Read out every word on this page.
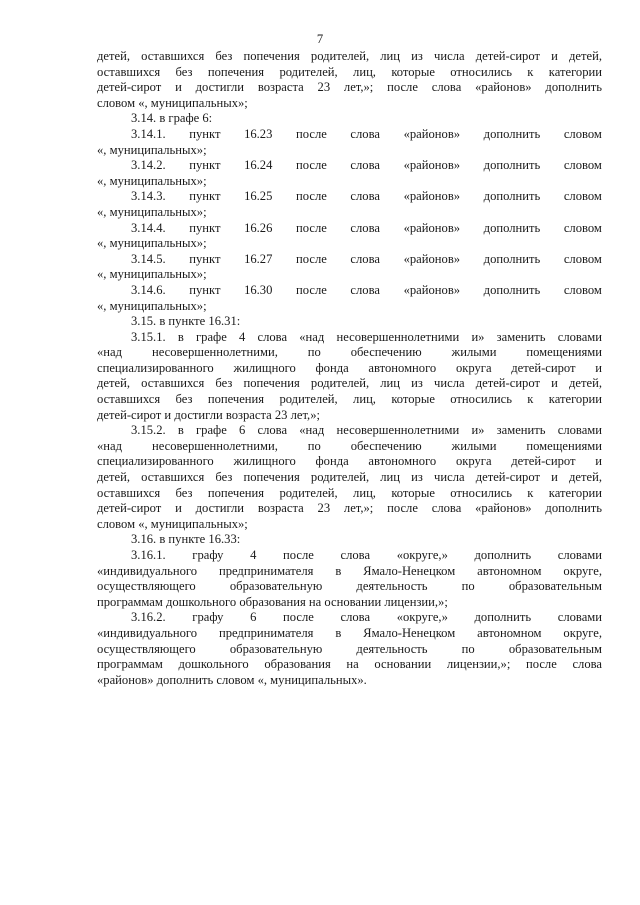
7
детей, оставшихся без попечения родителей, лиц из числа детей-сирот и детей,
оставшихся без попечения родителей, лиц, которые относились к категории
детей-сирот и достигли возраста 23 лет,»; после слова «районов» дополнить
словом «, муниципальных»;
3.14. в графе 6:
3.14.1. пункт 16.23 после слова «районов» дополнить словом
«, муниципальных»;
3.14.2. пункт 16.24 после слова «районов» дополнить словом
«, муниципальных»;
3.14.3. пункт 16.25 после слова «районов» дополнить словом
«, муниципальных»;
3.14.4. пункт 16.26 после слова «районов» дополнить словом
«, муниципальных»;
3.14.5. пункт 16.27 после слова «районов» дополнить словом
«, муниципальных»;
3.14.6. пункт 16.30 после слова «районов» дополнить словом
«, муниципальных»;
3.15. в пункте 16.31:
3.15.1. в графе 4 слова «над несовершеннолетними и» заменить словами
«над несовершеннолетними, по обеспечению жилыми помещениями
специализированного жилищного фонда автономного округа детей-сирот и
детей, оставшихся без попечения родителей, лиц из числа детей-сирот и детей,
оставшихся без попечения родителей, лиц, которые относились к категории
детей-сирот и достигли возраста 23 лет,»;
3.15.2. в графе 6 слова «над несовершеннолетними и» заменить словами
«над несовершеннолетними, по обеспечению жилыми помещениями
специализированного жилищного фонда автономного округа детей-сирот и
детей, оставшихся без попечения родителей, лиц из числа детей-сирот и детей,
оставшихся без попечения родителей, лиц, которые относились к категории
детей-сирот и достигли возраста 23 лет,»; после слова «районов» дополнить
словом «, муниципальных»;
3.16. в пункте 16.33:
3.16.1. графу 4 после слова «округе,» дополнить словами
«индивидуального предпринимателя в Ямало-Ненецком автономном округе,
осуществляющего образовательную деятельность по образовательным
программам дошкольного образования на основании лицензии,»;
3.16.2. графу 6 после слова «округе,» дополнить словами
«индивидуального предпринимателя в Ямало-Ненецком автономном округе,
осуществляющего образовательную деятельность по образовательным
программам дошкольного образования на основании лицензии,»; после слова
«районов» дополнить словом «, муниципальных».
